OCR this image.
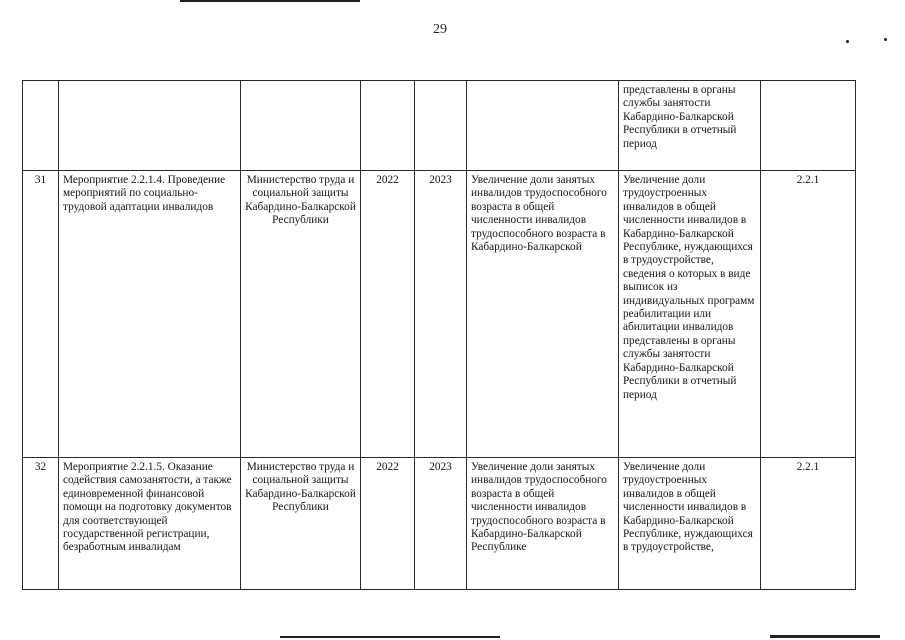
29
						представлены в органы службы занятости Кабардино-Балкарской Республики в отчетный период	
31	Мероприятие 2.2.1.4. Проведение мероприятий по социально-трудовой адаптации инвалидов	Министерство труда и социальной защиты Кабардино-Балкарской Республики	2022	2023	Увеличение доли занятых инвалидов трудоспособного возраста в общей численности инвалидов трудоспособного возраста в Кабардино-Балкарской	Увеличение доли трудоустроенных инвалидов в общей численности инвалидов в Кабардино-Балкарской Республике, нуждающихся в трудоустройстве, сведения о которых в виде выписок из индивидуальных программ реабилитации или абилитации инвалидов представлены в органы службы занятости Кабардино-Балкарской Республики в отчетный период	2.2.1
32	Мероприятие 2.2.1.5. Оказание содействия самозанятости, а также единовременной финансовой помощи на подготовку документов для соответствующей государственной регистрации, безработным инвалидам	Министерство труда и социальной защиты Кабардино-Балкарской Республики	2022	2023	Увеличение доли занятых инвалидов трудоспособного возраста в общей численности инвалидов трудоспособного возраста в Кабардино-Балкарской Республике	Увеличение доли трудоустроенных инвалидов в общей численности инвалидов в Кабардино-Балкарской Республике, нуждающихся в трудоустройстве,	2.2.1
